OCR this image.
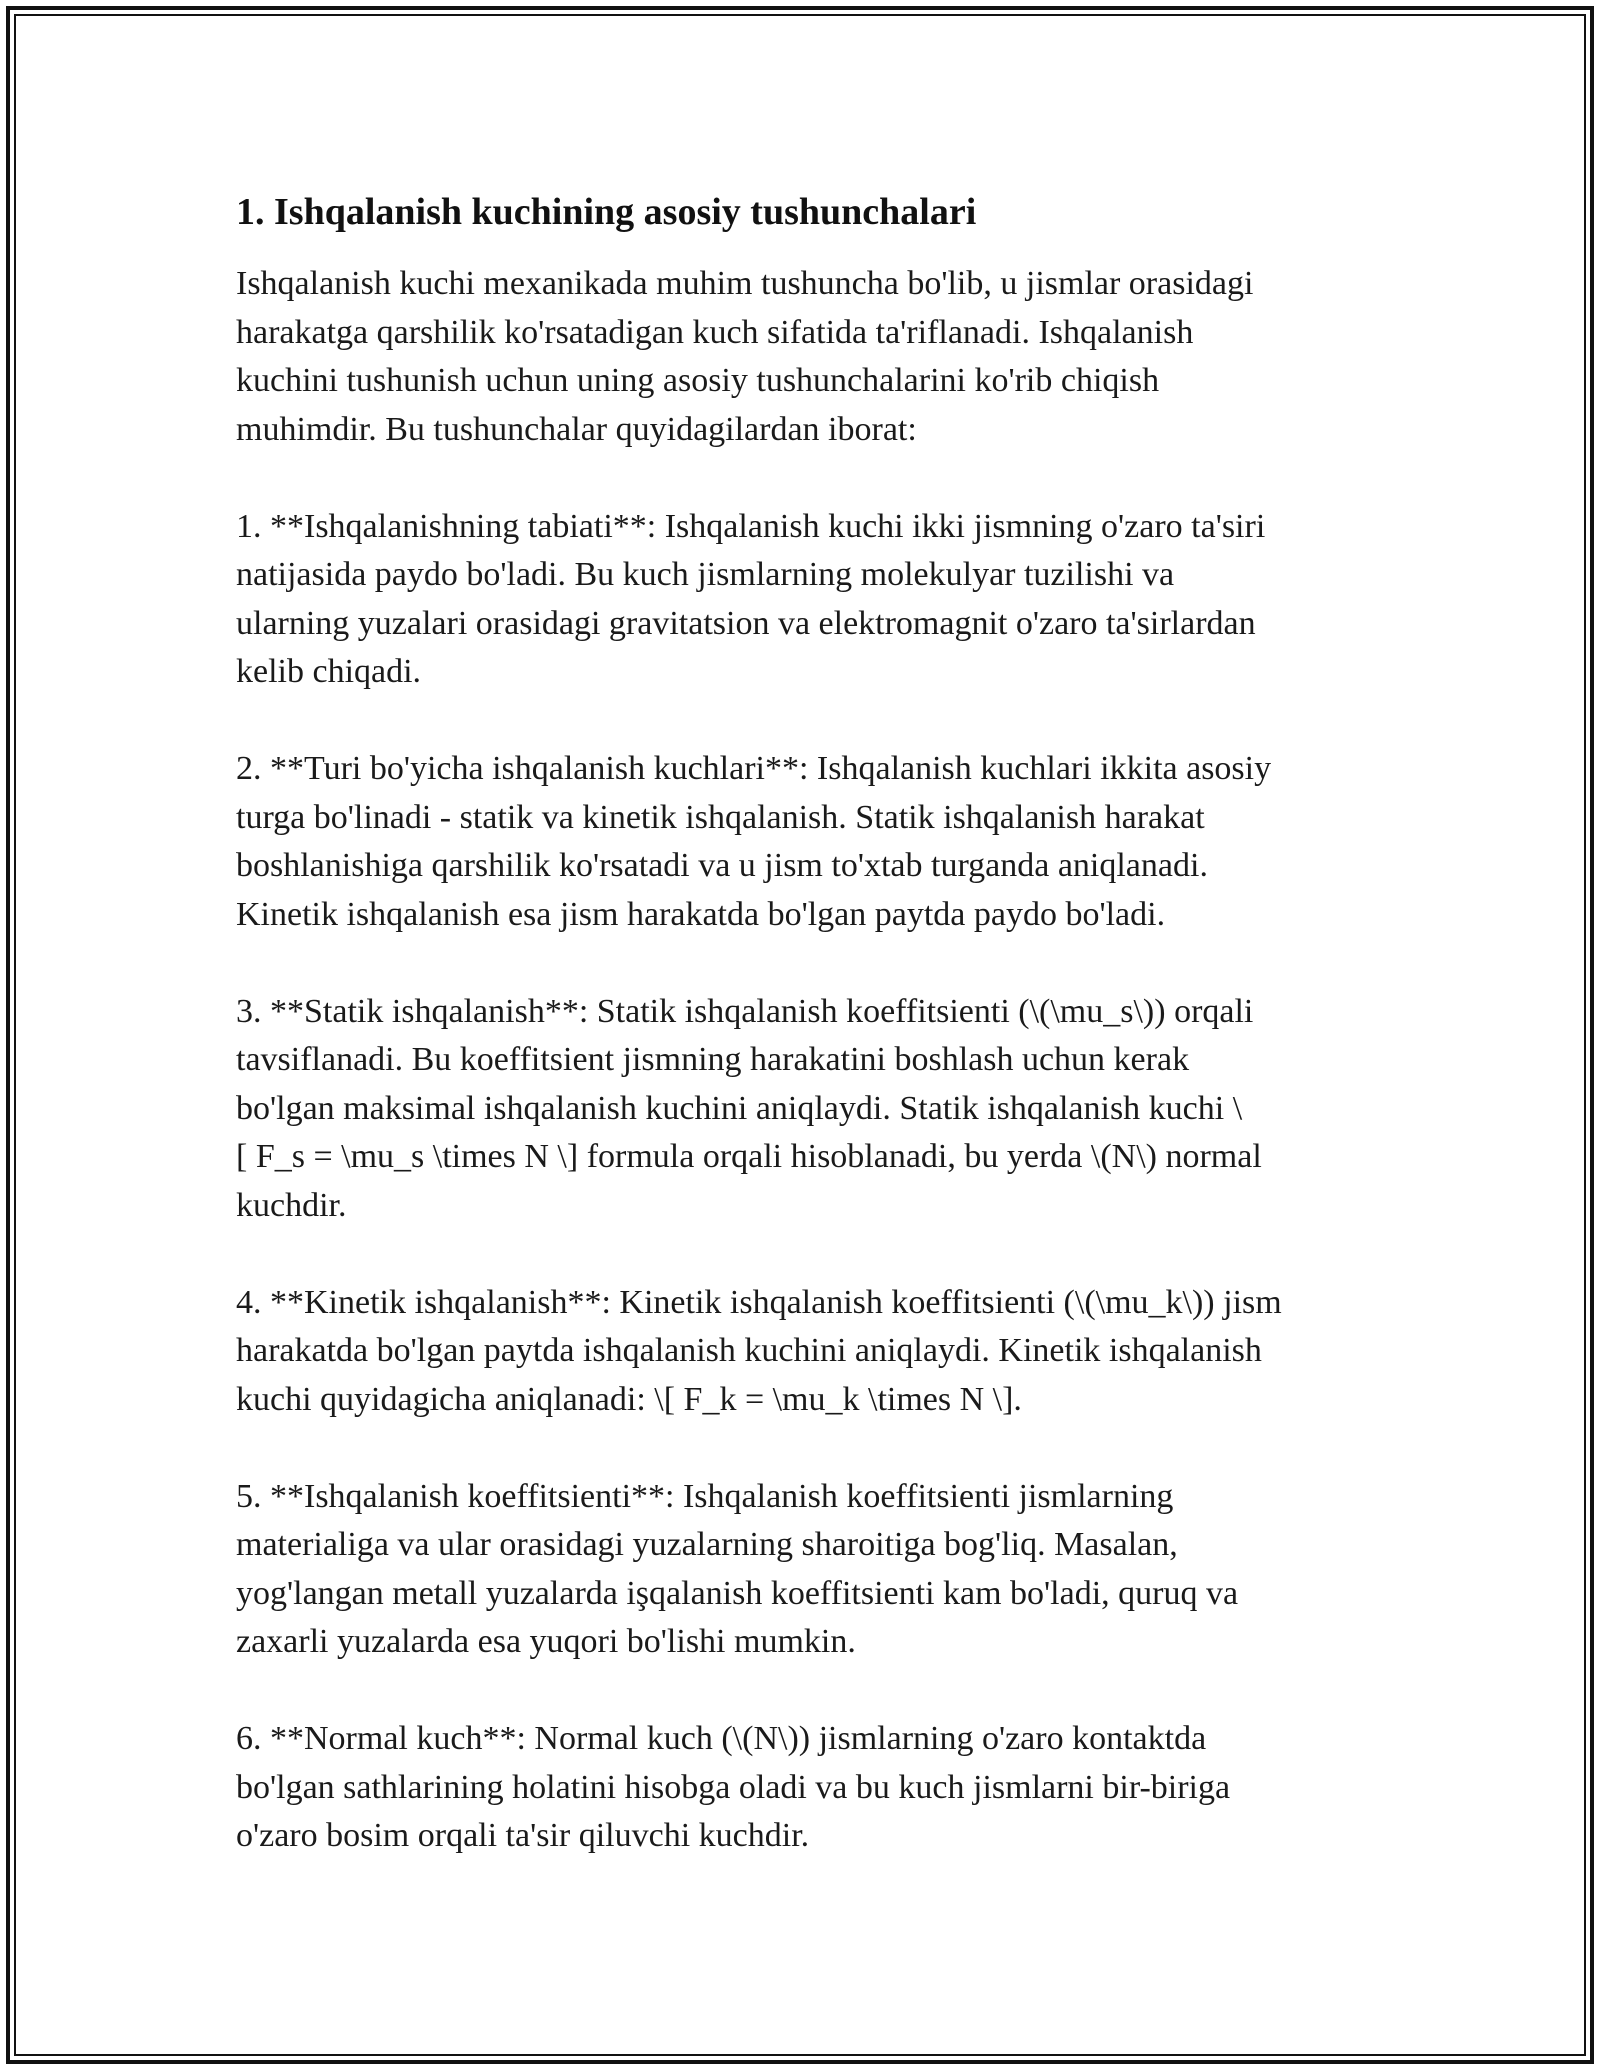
1. Ishqalanish kuchining asosiy tushunchalari

Ishqalanish kuchi mexanikada muhim tushuncha bo'lib, u jismlar orasidagi
harakatga qarshilik ko'rsatadigan kuch sifatida ta'riflanadi. Ishqalanish
kuchini tushunish uchun uning asosiy tushunchalarini ko'rib chiqish
muhimdir. Bu tushunchalar quyidagilardan iborat:

1. **Ishqalanishning tabiati**: Ishqalanish kuchi ikki jismning o'zaro ta'siri
natijasida paydo bo'ladi. Bu kuch jismlarning molekulyar tuzilishi va
ularning yuzalari orasidagi gravitatsion va elektromagnit o'zaro ta'sirlardan
kelib chiqadi.

2. **Turi bo'yicha ishqalanish kuchlari**: Ishqalanish kuchlari ikkita asosiy
turga bo'linadi - statik va kinetik ishqalanish. Statik ishqalanish harakat
boshlanishiga qarshilik ko'rsatadi va u jism to'xtab turganda aniqlanadi.
Kinetik ishqalanish esa jism harakatda bo'lgan paytda paydo bo'ladi.

3. **Statik ishqalanish**: Statik ishqalanish koeffitsienti (\(\mu_s\)) orqali
tavsiflanadi. Bu koeffitsient jismning harakatini boshlash uchun kerak
bo'lgan maksimal ishqalanish kuchini aniqlaydi. Statik ishqalanish kuchi \
[ F_s = \mu_s \times N \] formula orqali hisoblanadi, bu yerda \(N\) normal
kuchdir.

4. **Kinetik ishqalanish**: Kinetik ishqalanish koeffitsienti (\(\mu_k\)) jism
harakatda bo'lgan paytda ishqalanish kuchini aniqlaydi. Kinetik ishqalanish
kuchi quyidagicha aniqlanadi: \[ F_k = \mu_k \times N \].

5. **Ishqalanish koeffitsienti**: Ishqalanish koeffitsienti jismlarning
materialiga va ular orasidagi yuzalarning sharoitiga bog'liq. Masalan,
yog'langan metall yuzalarda işqalanish koeffitsienti kam bo'ladi, quruq va
zaxarli yuzalarda esa yuqori bo'lishi mumkin.

6. **Normal kuch**: Normal kuch (\(N\)) jismlarning o'zaro kontaktda
bo'lgan sathlarining holatini hisobga oladi va bu kuch jismlarni bir-biriga
o'zaro bosim orqali ta'sir qiluvchi kuchdir.
